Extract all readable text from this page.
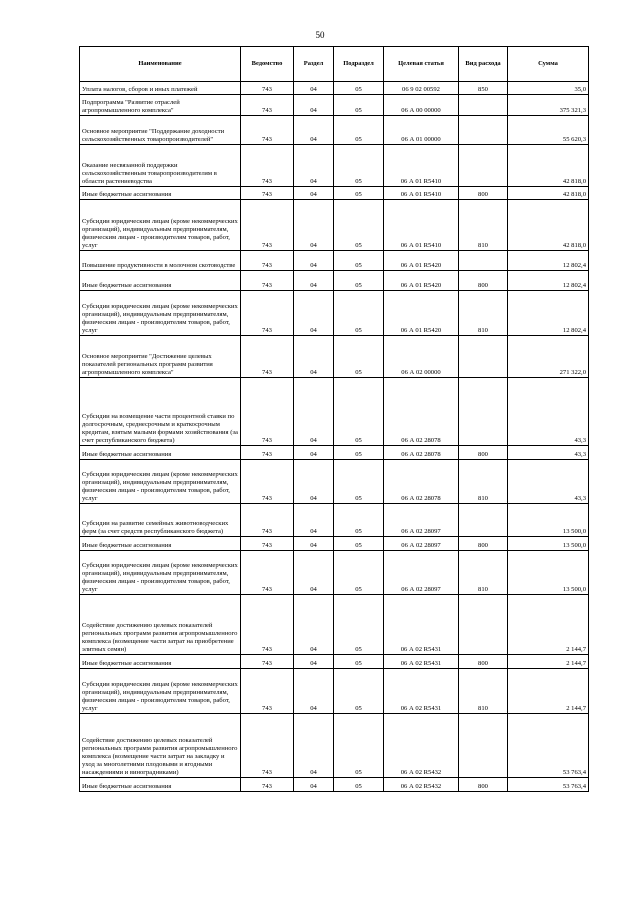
50
Наименование	Ведомство	Раздел	Подраздел	Целевая статья	Вид расхода	Сумма
Уплата налогов, сборов и иных платежей	743	04	05	06 9 02 00592	850	35,0
Подпрограмма "Развитие отраслей агропромышленного комплекса"	743	04	05	06 А 00 00000		375 321,3
Основное мероприятие "Поддержание доходности сельскохозяйственных товаропроизводителей"	743	04	05	06 А 01 00000		55 620,3
Оказание несвязанной поддержки сельскохозяйственным товаропроизводителям в области растениеводства	743	04	05	06 А 01 R5410		42 818,0
Иные бюджетные ассигнования	743	04	05	06 А 01 R5410	800	42 818,0
Субсидии юридическим лицам (кроме некоммерческих организаций), индивидуальным предпринимателям, физическим лицам - производителям товаров, работ, услуг	743	04	05	06 А 01 R5410	810	42 818,0
Повышение продуктивности в молочном скотоводстве	743	04	05	06 А 01 R5420		12 802,4
Иные бюджетные ассигнования	743	04	05	06 А 01 R5420	800	12 802,4
Субсидии юридическим лицам (кроме некоммерческих организаций), индивидуальным предпринимателям, физическим лицам - производителям товаров, работ, услуг	743	04	05	06 А 01 R5420	810	12 802,4
Основное мероприятие "Достижение целевых показателей региональных программ развития агропромышленного комплекса"	743	04	05	06 А 02 00000		271 322,0
Субсидии на возмещение части процентной ставки по долгосрочным, среднесрочным и краткосрочным кредитам, взятым малыми формами хозяйствования (за счет республиканского бюджета)	743	04	05	06 А 02 28078		43,3
Иные бюджетные ассигнования	743	04	05	06 А 02 28078	800	43,3
Субсидии юридическим лицам (кроме некоммерческих организаций), индивидуальным предпринимателям, физическим лицам - производителям товаров, работ, услуг	743	04	05	06 А 02 28078	810	43,3
Субсидии на развитие семейных животноводческих ферм (за счет средств республиканского бюджета)	743	04	05	06 А 02 28097		13 500,0
Иные бюджетные ассигнования	743	04	05	06 А 02 28097	800	13 500,0
Субсидии юридическим лицам (кроме некоммерческих организаций), индивидуальным предпринимателям, физическим лицам - производителям товаров, работ, услуг	743	04	05	06 А 02 28097	810	13 500,0
Содействие достижению целевых показателей региональных программ развития агропромышленного комплекса (возмещение части затрат на приобретение элитных семян)	743	04	05	06 А 02 R5431		2 144,7
Иные бюджетные ассигнования	743	04	05	06 А 02 R5431	800	2 144,7
Субсидии юридическим лицам (кроме некоммерческих организаций), индивидуальным предпринимателям, физическим лицам - производителям товаров, работ, услуг	743	04	05	06 А 02 R5431	810	2 144,7
Содействие достижению целевых показателей региональных программ развития агропромышленного комплекса (возмещение части затрат на закладку и уход за многолетними плодовыми и ягодными насаждениями и виноградниками)	743	04	05	06 А 02 R5432		53 763,4
Иные бюджетные ассигнования	743	04	05	06 А 02 R5432	800	53 763,4
